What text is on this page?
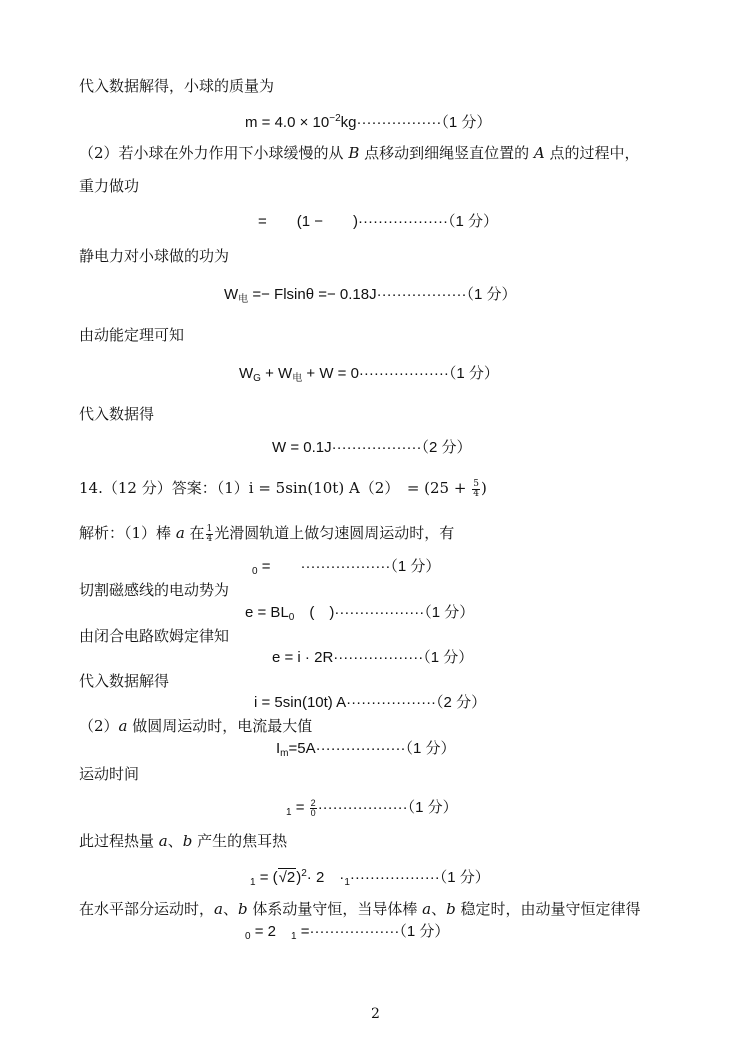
代入数据解得，小球的质量为
$m = 4.0 \times 10^{-2}kg\cdot\cdot\cdot\cdot\cdot\cdot\cdot\cdot\cdot\cdot\cdot\cdot\cdot\cdot\cdot\cdot\cdot(1$ 分）
（2）若小球在外力作用下小球缓慢的从 B 点移动到细绳竖直位置的 A 点的过程中，
重力做功
=　　(1 −　　)··················（1 分）
静电力对小球做的功为
$W_电 =- Flsin\theta =- 0.18J\cdot\cdot\cdot\cdot\cdot\cdot\cdot\cdot\cdot\cdot\cdot\cdot\cdot\cdot\cdot\cdot\cdot\cdot(1$ 分）
由动能定理可知
$W_G + W_电 + W = 0\cdot\cdot\cdot\cdot\cdot\cdot\cdot\cdot\cdot\cdot\cdot\cdot\cdot\cdot\cdot\cdot\cdot\cdot(1$ 分）
代入数据得
W = 0.1J··················（2 分）
14.（12 分）答案：（1）i = 5sin(10t) A（2）　= ($25 + \frac{5}{4}$ )
解析：（1）棒 a 在 $\frac{1}{4}$ 光滑圆轨道上做匀速圆周运动时，有
$_0$ =　　··················（1 分）
切割磁感线的电动势为
$e = BL_0$　(　)··················（1 分）
由闭合电路欧姆定律知
e = i · 2R··················（1 分）
代入数据解得
i = 5sin(10t) A··················（2 分）
（2）a 做圆周运动时，电流最大值
$I_m=5A\cdot\cdot\cdot\cdot\cdot\cdot\cdot\cdot\cdot\cdot\cdot\cdot\cdot\cdot\cdot\cdot\cdot\cdot(1$ 分）
运动时间
$_1 = \frac{2}{0} \cdot\cdot\cdot\cdot\cdot\cdot\cdot\cdot\cdot\cdot\cdot\cdot\cdot\cdot\cdot\cdot\cdot\cdot(1$ 分）
此过程热量 a、b 产生的焦耳热
$_1 = (√2)^2\cdot 2$　$\cdot_1\cdot\cdot\cdot\cdot\cdot\cdot\cdot\cdot\cdot\cdot\cdot\cdot\cdot\cdot\cdot\cdot\cdot\cdot(1$ 分）
在水平部分运动时，a、b 体系动量守恒，当导体棒 a、b 稳定时，由动量守恒定律得
$_0$ = 2　$_1$ =··················（1 分）
2
